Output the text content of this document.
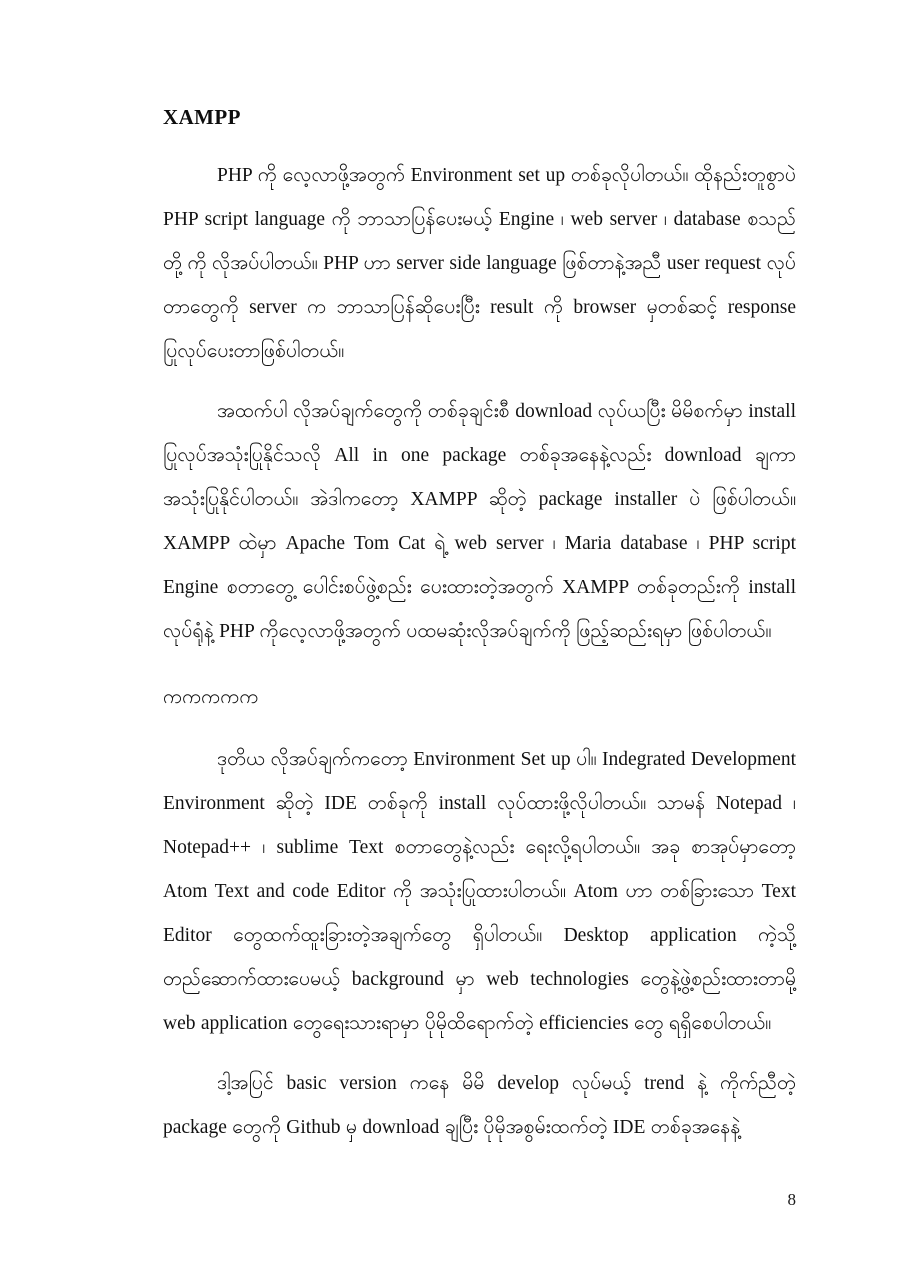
XAMPP

PHP ကို လေ့လာဖို့အတွက် Environment set up တစ်ခုလိုပါတယ်။ ထိုနည်းတူစွာပဲ PHP script language ကို ဘာသာပြန်ပေးမယ့် Engine ၊ web server ၊ database စသည်တို့ ကို လိုအပ်ပါတယ်။ PHP ဟာ server side language ဖြစ်တာနဲ့အညီ user request လုပ်တာတွေကို server က ဘာသာပြန်ဆိုပေးပြီး result ကို browser မှတစ်ဆင့် response ပြုလုပ်ပေးတာဖြစ်ပါတယ်။

အထက်ပါ လိုအပ်ချက်တွေကို တစ်ခုချင်းစီ download လုပ်ယပြီး မိမိစက်မှာ install ပြုလုပ်အသုံးပြုနိုင်သလို All in one package တစ်ခုအနေနဲ့လည်း download ချကာ အသုံးပြုနိုင်ပါတယ်။ အဲဒါကတော့ XAMPP ဆိုတဲ့ package installer ပဲ ဖြစ်ပါတယ်။ XAMPP ထဲမှာ Apache Tom Cat ရဲ့ web server ၊ Maria database ၊ PHP script Engine စတာတွေ့ ပေါင်းစပ်ဖွဲ့စည်း ပေးထားတဲ့အတွက် XAMPP တစ်ခုတည်းကို install လုပ်ရုံနဲ့ PHP ကိုလေ့လာဖို့အတွက် ပထမဆုံးလိုအပ်ချက်ကို ဖြည့်ဆည်းရမှာ ဖြစ်ပါတယ်။

ကကကကက

ဒုတိယ လိုအပ်ချက်ကတော့ Environment Set up ပါ။ Indegrated Development Environment ဆိုတဲ့ IDE တစ်ခုကို install လုပ်ထားဖို့လိုပါတယ်။ သာမန် Notepad ၊ Notepad++ ၊ sublime Text စတာတွေနဲ့လည်း ရေးလို့ရပါတယ်။ အခု စာအုပ်မှာတော့ Atom Text and code Editor ကို အသုံးပြုထားပါတယ်။ Atom ဟာ တစ်ခြားသော Text Editor တွေထက်ထူးခြားတဲ့အချက်တွေ ရှိပါတယ်။ Desktop application ကဲ့သို့ တည်ဆောက်ထားပေမယ့် background မှာ web technologies တွေနဲ့ဖွဲ့စည်းထားတာမို့ web application တွေရေးသားရာမှာ ပိုမိုထိရောက်တဲ့ efficiencies တွေ ရရှိစေပါတယ်။

ဒါ့အပြင် basic version ကနေ မိမိ develop လုပ်မယ့် trend နဲ့ ကိုက်ညီတဲ့ package တွေကို Github မှ download ချပြီး ပိုမိုအစွမ်းထက်တဲ့ IDE တစ်ခုအနေနဲ့

8
